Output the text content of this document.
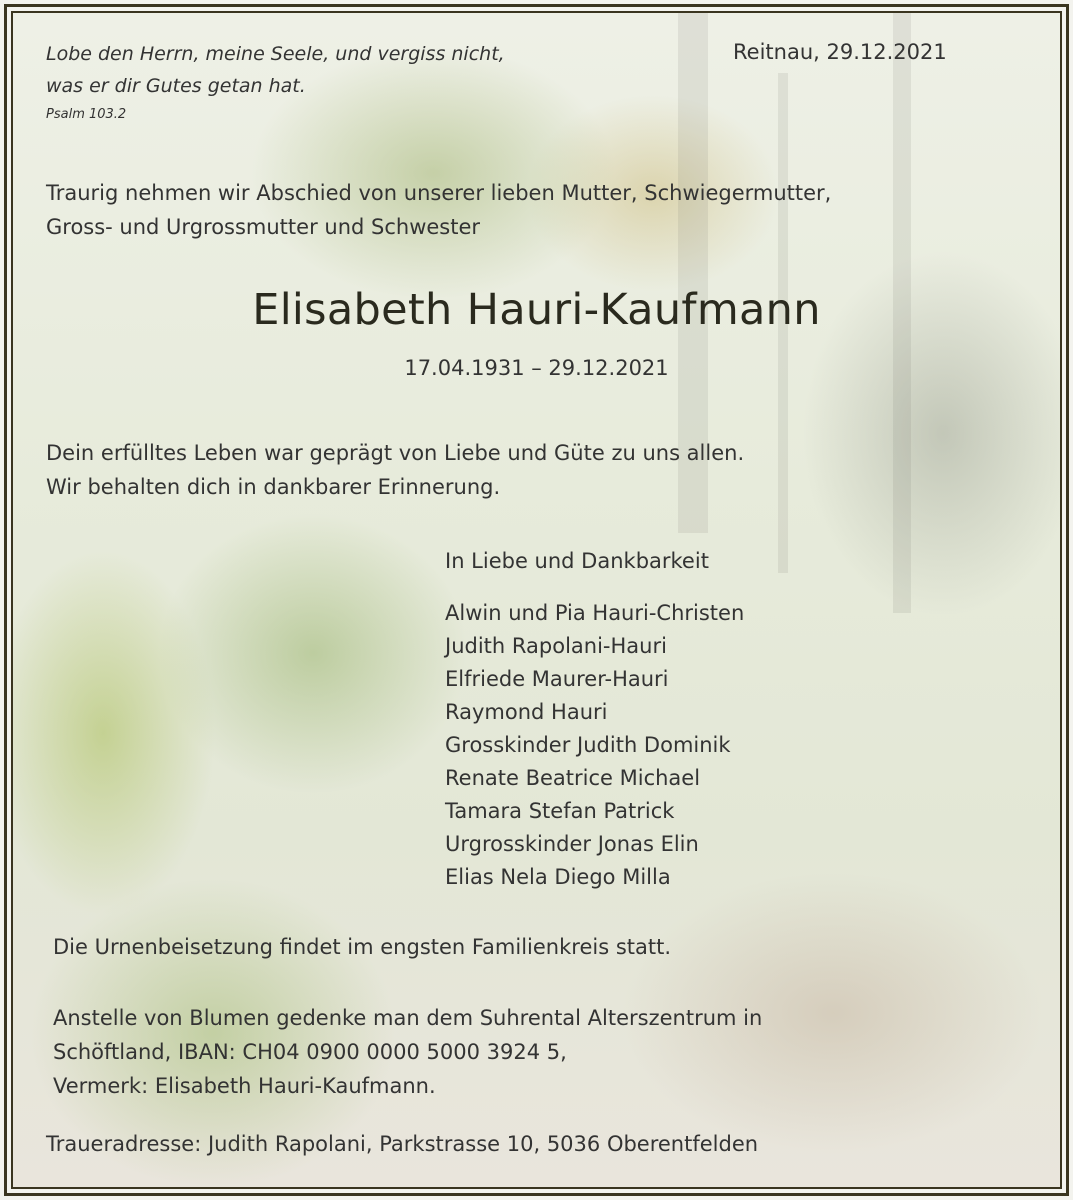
Lobe den Herrn, meine Seele, und vergiss nicht,
was er dir Gutes getan hat.
Psalm 103.2
Reitnau, 29.12.2021
Traurig nehmen wir Abschied von unserer lieben Mutter, Schwiegermutter,
Gross- und Urgrossmutter und Schwester
Elisabeth Hauri-Kaufmann
17.04.1931 – 29.12.2021
Dein erfülltes Leben war geprägt von Liebe und Güte zu uns allen.
Wir behalten dich in dankbarer Erinnerung.
In Liebe und Dankbarkeit
Alwin und Pia Hauri-Christen
Judith Rapolani-Hauri
Elfriede Maurer-Hauri
Raymond Hauri
Grosskinder Judith Dominik
Renate Beatrice Michael
Tamara Stefan Patrick
Urgrosskinder Jonas Elin
Elias Nela Diego Milla
Die Urnenbeisetzung findet im engsten Familienkreis statt.
Anstelle von Blumen gedenke man dem Suhrental Alterszentrum in
Schöftland, IBAN: CH04 0900 0000 5000 3924 5,
Vermerk: Elisabeth Hauri-Kaufmann.
Traueradresse: Judith Rapolani, Parkstrasse 10, 5036 Oberentfelden
